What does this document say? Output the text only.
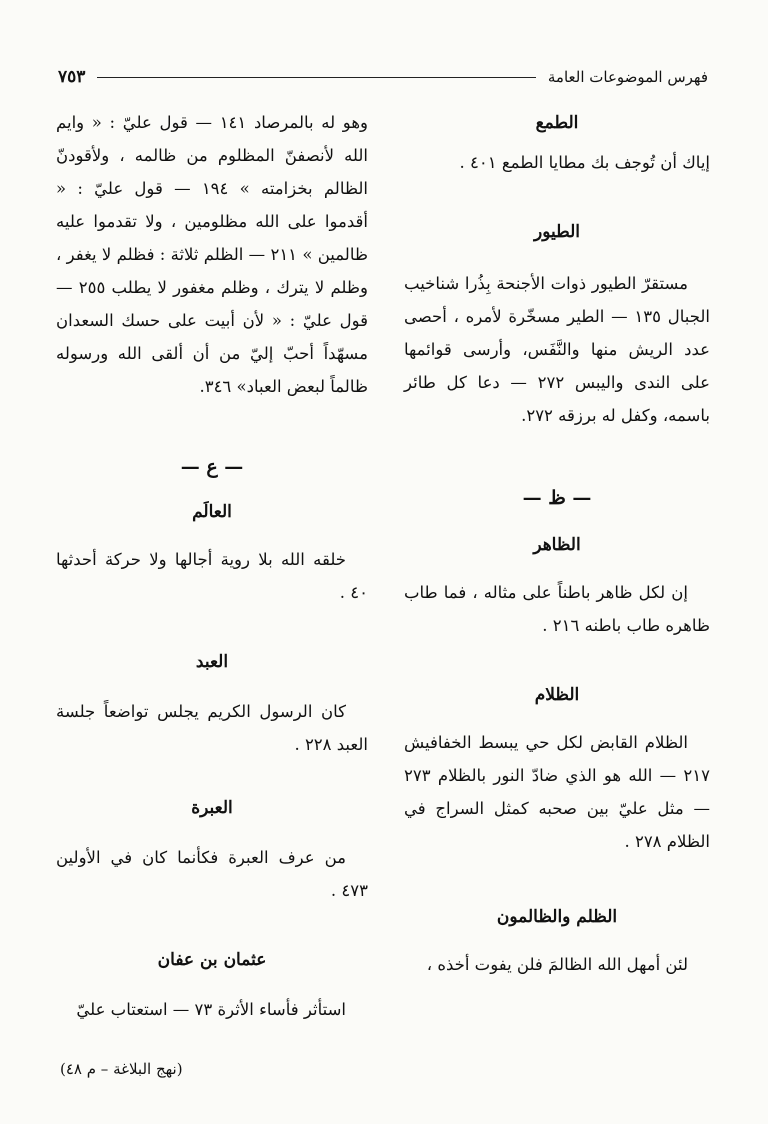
فهرس الموضوعات العامة
٧٥٣

الطمع

إياك أن تُوجف بك مطايا الطمع ٤٠١ .

الطيور

مستقرّ الطيور ذوات الأجنحة بِذُرا شناخيب الجبال ١٣٥ — الطير مسخّرة لأمره ، أحصى عدد الريش منها والنَّفَس، وأرسى قوائمها على الندى واليبس ٢٧٢ — دعا كل طائر باسمه، وكفل له برزقه ٢٧٢.

— ظ —

الظاهر

إن لكل ظاهر باطناً على مثاله ، فما طاب ظاهره طاب باطنه ٢١٦ .

الظلام

الظلام القابض لكل حي يبسط الخفافيش ٢١٧ — الله هو الذي ضادّ النور بالظلام ٢٧٣ — مثل عليّ بين صحبه كمثل السراج في الظلام ٢٧٨ .

الظلم والظالمون

لئن أمهل الله الظالمَ فلن يفوت أخذه ،

وهو له بالمرصاد ١٤١ — قول عليّ : « وايم الله لأنصفنّ المظلوم من ظالمه ، ولأقودنّ الظالم بخزامته » ١٩٤ — قول عليّ : « أقدموا على الله مظلومين ، ولا تقدموا عليه ظالمين » ٢١١ — الظلم ثلاثة : فظلم لا يغفر ، وظلم لا يترك ، وظلم مغفور لا يطلب ٢٥٥ — قول عليّ : « لأن أبيت على حسك السعدان مسهّداً أحبّ إليّ من أن ألقى الله ورسوله ظالماً لبعض العباد» ٣٤٦.

— ع —

العالَم

خلقه الله بلا روية أجالها ولا حركة أحدثها ٤٠ .

العبد

كان الرسول الكريم يجلس تواضعاً جلسة العبد ٢٢٨ .

العبرة

من عرف العبرة فكأنما كان في الأولين ٤٧٣ .

عثمان بن عفان

استأثر فأساء الأثرة ٧٣ — استعتاب عليّ

(نهج البلاغة – م ٤٨)
